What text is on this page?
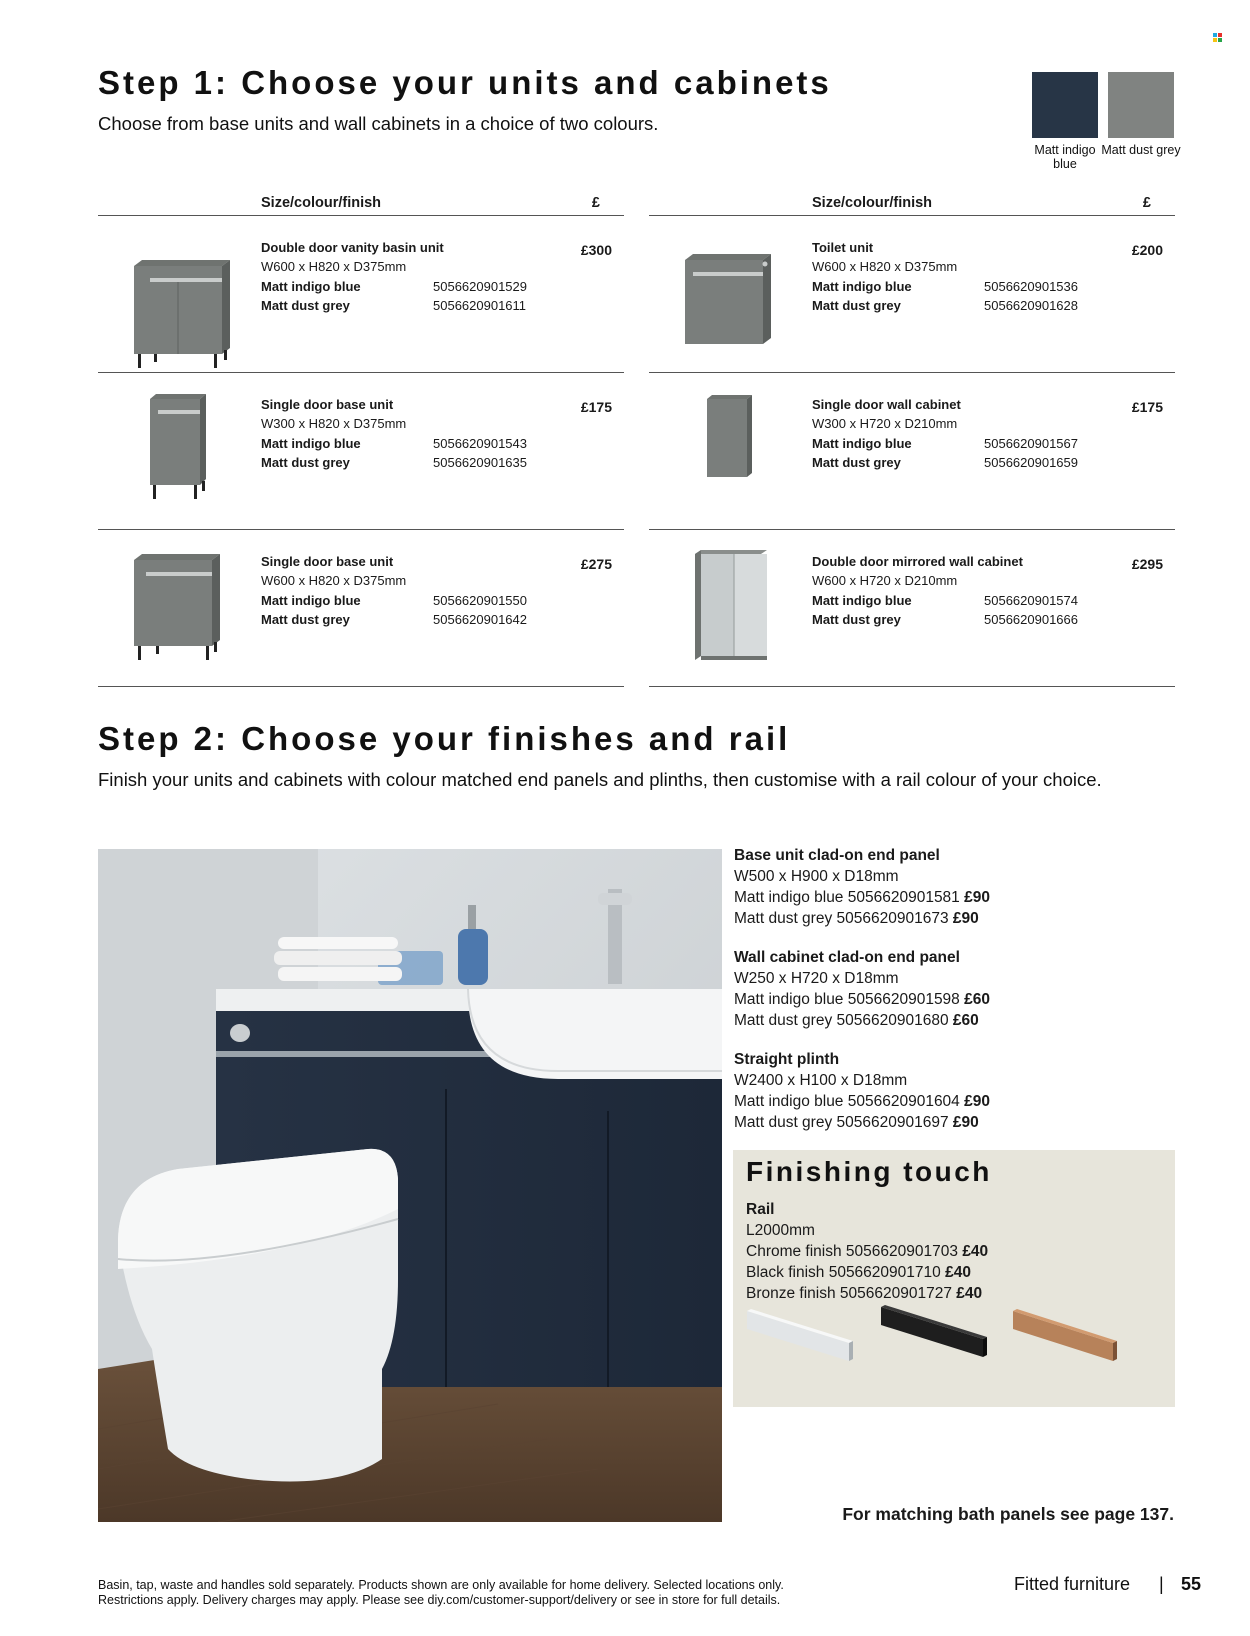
Step 1: Choose your units and cabinets

Choose from base units and wall cabinets in a choice of two colours.

Matt indigo blue
Matt dust grey
Size/colour/finish	£
Double door vanity basin unit
W600 x H820 x D375mm
Matt indigo blue	5056620901529
Matt dust grey	5056620901611
£300
Single door base unit
W300 x H820 x D375mm
Matt indigo blue	5056620901543
Matt dust grey	5056620901635
£175
Single door base unit
W600 x H820 x D375mm
Matt indigo blue	5056620901550
Matt dust grey	5056620901642
£275
Size/colour/finish	£
Toilet unit
W600 x H820 x D375mm
Matt indigo blue	5056620901536
Matt dust grey	5056620901628
£200
Single door wall cabinet
W300 x H720 x D210mm
Matt indigo blue	5056620901567
Matt dust grey	5056620901659
£175
Double door mirrored wall cabinet
W600 x H720 x D210mm
Matt indigo blue	5056620901574
Matt dust grey	5056620901666
£295
Step 2: Choose your finishes and rail

Finish your units and cabinets with colour matched end panels and plinths, then customise with a rail colour of your choice.

Base unit clad-on end panel
W500 x H900 x D18mm
Matt indigo blue 5056620901581 £90
Matt dust grey 5056620901673 £90
Wall cabinet clad-on end panel
W250 x H720 x D18mm
Matt indigo blue 5056620901598 £60
Matt dust grey 5056620901680 £60
Straight plinth
W2400 x H100 x D18mm
Matt indigo blue 5056620901604 £90
Matt dust grey 5056620901697 £90
Finishing touch
Rail
L2000mm
Chrome finish 5056620901703 £40
Black finish 5056620901710 £40
Bronze finish 5056620901727 £40
For matching bath panels see page 137.
Basin, tap, waste and handles sold separately. Products shown are only available for home delivery. Selected locations only.
Restrictions apply. Delivery charges may apply. Please see diy.com/customer-support/delivery or see in store for full details.
Fitted furniture | 55
